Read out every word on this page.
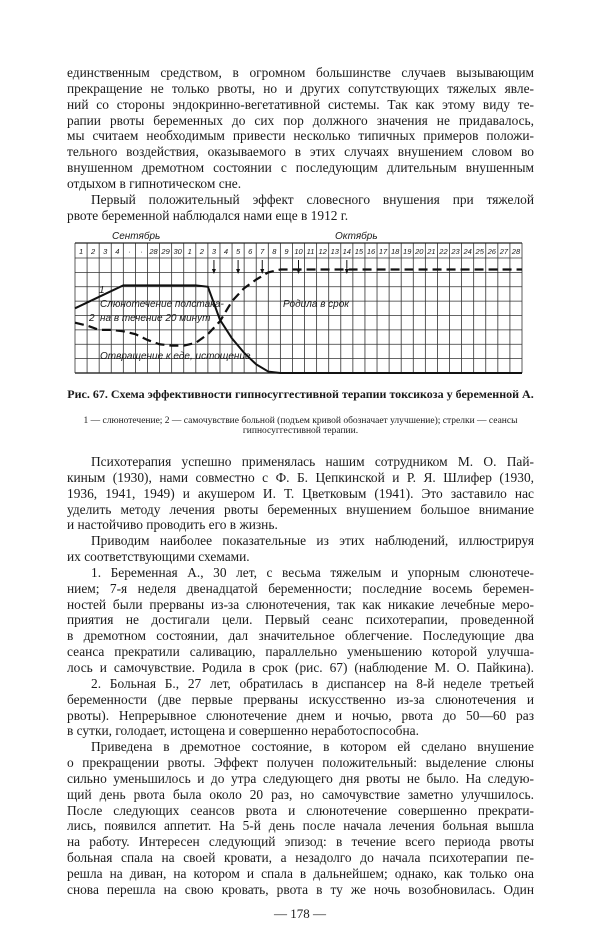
единственным средством, в огромном большинстве случаев вызывающим
прекращение не только рвоты, но и других сопутствующих тяжелых явле-
ний со стороны эндокринно-вегетативной системы. Так как этому виду те-
рапии рвоты беременных до сих пор должного значения не придавалось,
мы считаем необходимым привести несколько типичных примеров положи-
тельного воздействия, оказываемого в этих случаях внушением словом во
внушенном дремотном состоянии с последующим длительным внушенным
отдыхом в гипнотическом сне.
Первый положительный эффект словесного внушения при тяжелой
рвоте беременной наблюдался нами еще в 1912 г.
1 2 3 4 · · 28 29 30 1 2 3 4 5 6 7 8 9 10 11 12 13 14 15 16 17 18 19 20 21 22 23 24 25 26 27 28
Сентябрь	Октябрь
1
Слюнотечение полстака-
2 на в течение 20 минут
Отвращение к еде, истощение
Родила в срок
Рис. 67. Схема эффективности гипносуггестивной терапии токсикоза у беременной А.
1 — слюнотечение; 2 — самочувствие больной (подъем кривой обозначает улучшение); стрелки — сеансы гипносуггестивной терапии.
Психотерапия успешно применялась нашим сотрудником М. О. Пай-
киным (1930), нами совместно с Ф. Б. Цепкинской и Р. Я. Шлифер (1930,
1936, 1941, 1949) и акушером И. Т. Цветковым (1941). Это заставило нас
уделить методу лечения рвоты беременных внушением большое внимание
и настойчиво проводить его в жизнь.
Приводим наиболее показательные из этих наблюдений, иллюстрируя
их соответствующими схемами.
1. Беременная А., 30 лет, с весьма тяжелым и упорным слюнотече-
нием; 7-я неделя двенадцатой беременности; последние восемь беремен-
ностей были прерваны из-за слюнотечения, так как никакие лечебные меро-
приятия не достигали цели. Первый сеанс психотерапии, проведенной
в дремотном состоянии, дал значительное облегчение. Последующие два
сеанса прекратили саливацию, параллельно уменьшению которой улучша-
лось и самочувствие. Родила в срок (рис. 67) (наблюдение М. О. Пайкина).
2. Больная Б., 27 лет, обратилась в диспансер на 8-й неделе третьей
беременности (две первые прерваны искусственно из-за слюнотечения и
рвоты). Непрерывное слюнотечение днем и ночью, рвота до 50—60 раз
в сутки, голодает, истощена и совершенно неработоспособна.
Приведена в дремотное состояние, в котором ей сделано внушение
о прекращении рвоты. Эффект получен положительный: выделение слюны
сильно уменьшилось и до утра следующего дня рвоты не было. На следую-
щий день рвота была около 20 раз, но самочувствие заметно улучшилось.
После следующих сеансов рвота и слюнотечение совершенно прекрати-
лись, появился аппетит. На 5-й день после начала лечения больная вышла
на работу. Интересен следующий эпизод: в течение всего периода рвоты
больная спала на своей кровати, а незадолго до начала психотерапии пе-
решла на диван, на котором и спала в дальнейшем; однако, как только она
снова перешла на свою кровать, рвота в ту же ночь возобновилась. Один
— 178 —
